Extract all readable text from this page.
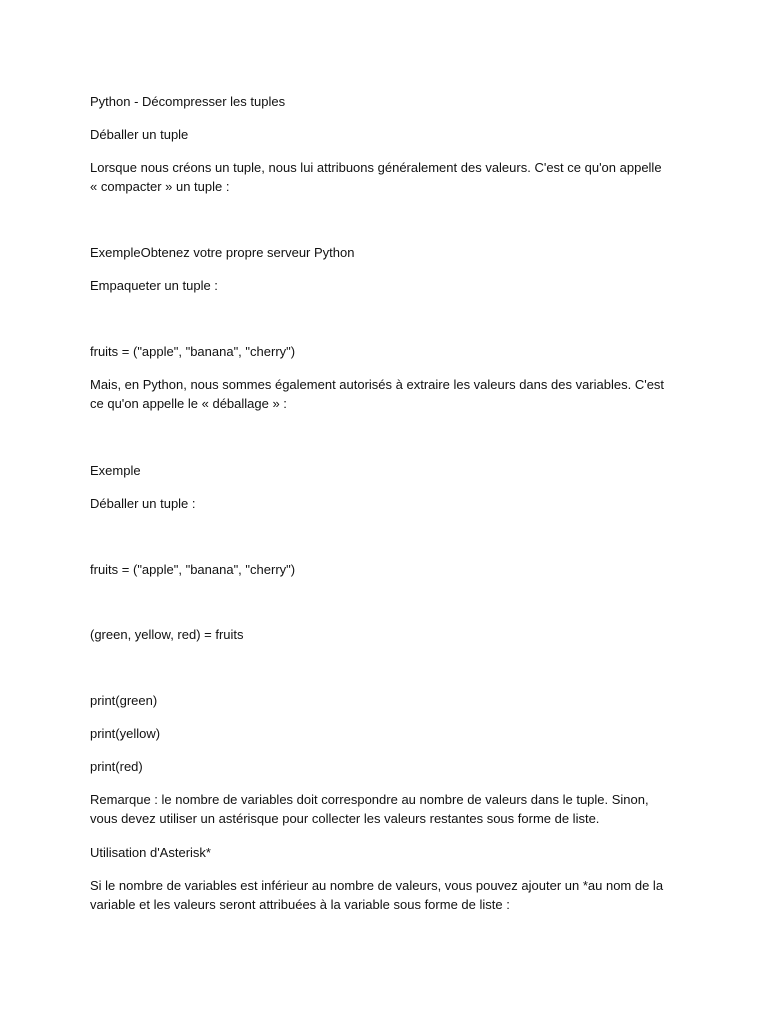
Python - Décompresser les tuples

Déballer un tuple

Lorsque nous créons un tuple, nous lui attribuons généralement des valeurs. C'est ce qu'on appelle « compacter » un tuple :

ExempleObtenez votre propre serveur Python

Empaqueter un tuple :

fruits = ("apple", "banana", "cherry")

Mais, en Python, nous sommes également autorisés à extraire les valeurs dans des variables. C'est ce qu'on appelle le « déballage » :

Exemple

Déballer un tuple :

fruits = ("apple", "banana", "cherry")

(green, yellow, red) = fruits

print(green)

print(yellow)

print(red)

Remarque : le nombre de variables doit correspondre au nombre de valeurs dans le tuple. Sinon, vous devez utiliser un astérisque pour collecter les valeurs restantes sous forme de liste.

Utilisation d'Asterisk*

Si le nombre de variables est inférieur au nombre de valeurs, vous pouvez ajouter un *au nom de la variable et les valeurs seront attribuées à la variable sous forme de liste :
